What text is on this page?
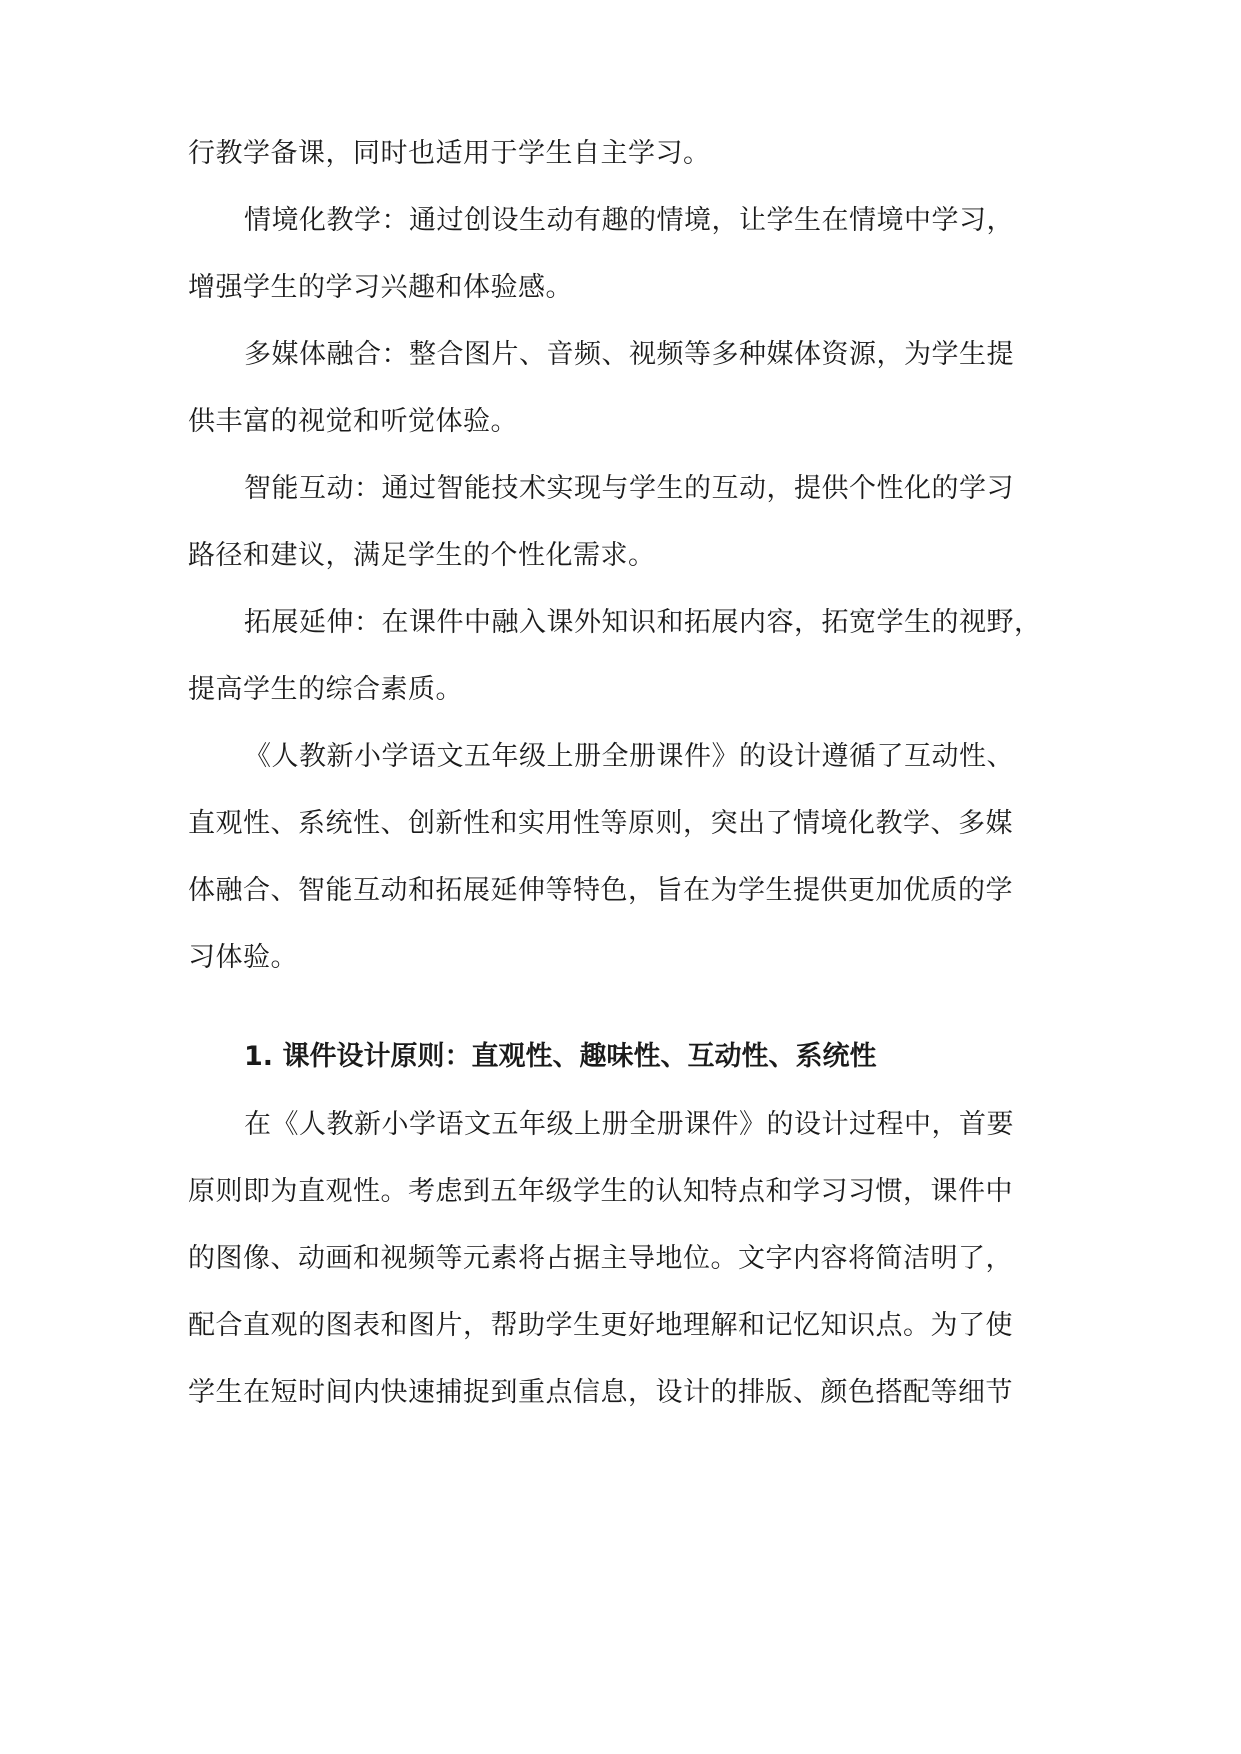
行教学备课，同时也适用于学生自主学习。
情境化教学：通过创设生动有趣的情境，让学生在情境中学习，
增强学生的学习兴趣和体验感。
多媒体融合：整合图片、音频、视频等多种媒体资源，为学生提
供丰富的视觉和听觉体验。
智能互动：通过智能技术实现与学生的互动，提供个性化的学习
路径和建议，满足学生的个性化需求。
拓展延伸：在课件中融入课外知识和拓展内容，拓宽学生的视野，
提高学生的综合素质。
《人教新小学语文五年级上册全册课件》的设计遵循了互动性、
直观性、系统性、创新性和实用性等原则，突出了情境化教学、多媒
体融合、智能互动和拓展延伸等特色，旨在为学生提供更加优质的学
习体验。
1. 课件设计原则：直观性、趣味性、互动性、系统性
在《人教新小学语文五年级上册全册课件》的设计过程中，首要
原则即为直观性。考虑到五年级学生的认知特点和学习习惯，课件中
的图像、动画和视频等元素将占据主导地位。文字内容将简洁明了，
配合直观的图表和图片，帮助学生更好地理解和记忆知识点。为了使
学生在短时间内快速捕捉到重点信息，设计的排版、颜色搭配等细节
